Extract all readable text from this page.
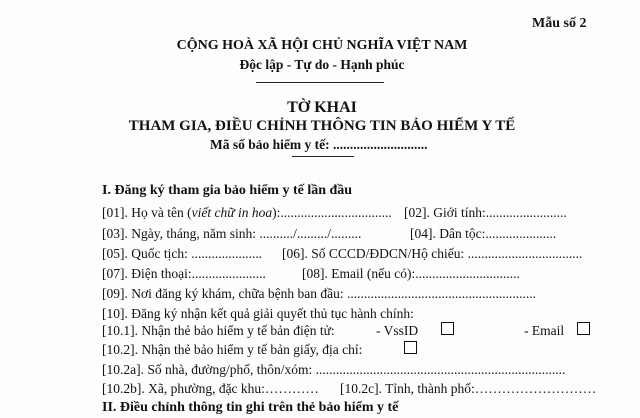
Mẫu số 2
CỘNG HOÀ XÃ HỘI CHỦ NGHĨA VIỆT NAM
Độc lập - Tự do - Hạnh phúc
TỜ KHAI
THAM GIA, ĐIỀU CHỈNH THÔNG TIN BẢO HIỂM Y TẾ
Mã số bảo hiểm y tế: ............................
I. Đăng ký tham gia bảo hiểm y tế lần đầu
[01]. Họ và tên (viết chữ in hoa):................................. [02]. Giới tính:........................
[03]. Ngày, tháng, năm sinh: ........../........./.........	[04]. Dân tộc:.....................
[05]. Quốc tịch: ..................... [06]. Số CCCD/ĐDCN/Hộ chiếu: ..................................
[07]. Điện thoại:......................	[08]. Email (nếu có):...............................
[09]. Nơi đăng ký khám, chữa bệnh ban đầu: ........................................................
[10]. Đăng ký nhận kết quả giải quyết thủ tục hành chính:
[10.1]. Nhận thẻ bảo hiểm y tế bản điện tử:	- VssID	- Email
[10.2]. Nhận thẻ bảo hiểm y tế bản giấy, địa chỉ:
[10.2a]. Số nhà, đường/phố, thôn/xóm: ..........................................................................
[10.2b]. Xã, phường, đặc khu:………… [10.2c]. Tỉnh, thành phố:………………………
II. Điều chỉnh thông tin ghi trên thẻ bảo hiểm y tế
